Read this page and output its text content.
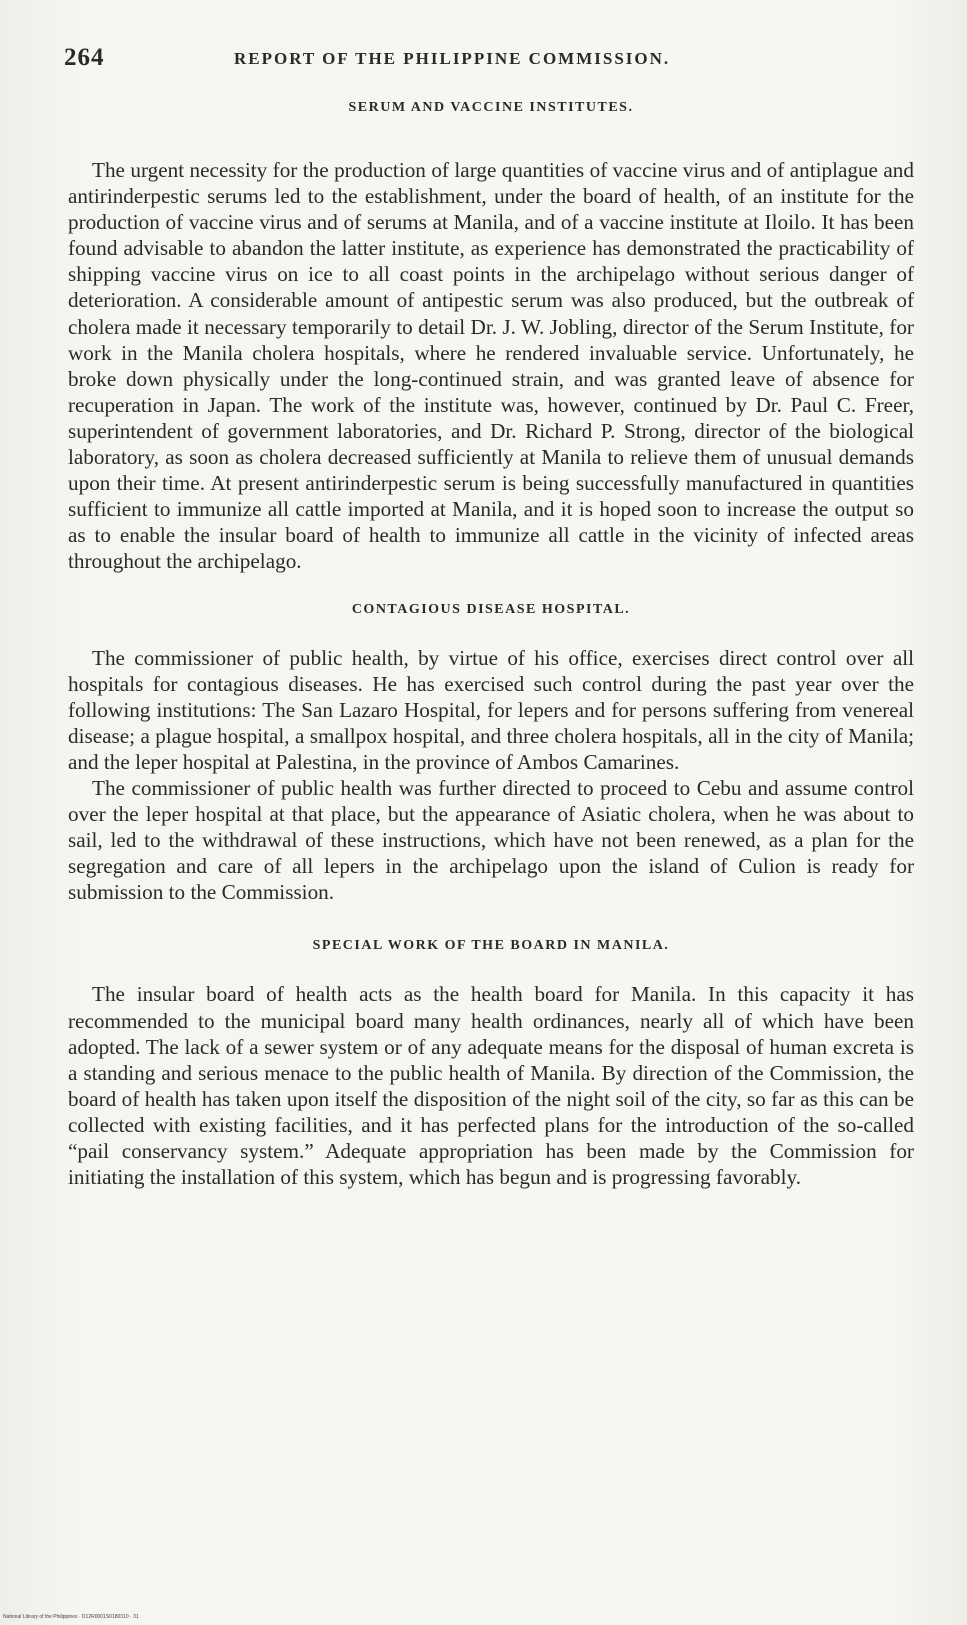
264	REPORT OF THE PHILIPPINE COMMISSION.
SERUM AND VACCINE INSTITUTES.

The urgent necessity for the production of large quantities of vaccine virus and of antiplague and antirinderpestic serums led to the establishment, under the board of health, of an institute for the production of vaccine virus and of serums at Manila, and of a vaccine institute at Iloilo. It has been found advisable to abandon the latter institute, as experience has demonstrated the practicability of shipping vaccine virus on ice to all coast points in the archipelago without serious danger of deterioration. A considerable amount of antipestic serum was also produced, but the outbreak of cholera made it necessary temporarily to detail Dr. J. W. Jobling, director of the Serum Institute, for work in the Manila cholera hospitals, where he rendered invaluable service. Unfortunately, he broke down physically under the long-continued strain, and was granted leave of absence for recuperation in Japan. The work of the institute was, however, continued by Dr. Paul C. Freer, superintendent of government laboratories, and Dr. Richard P. Strong, director of the biological laboratory, as soon as cholera decreased sufficiently at Manila to relieve them of unusual demands upon their time. At present antirinderpestic serum is being successfully manufactured in quantities sufficient to immunize all cattle imported at Manila, and it is hoped soon to increase the output so as to enable the insular board of health to immunize all cattle in the vicinity of infected areas throughout the archipelago.

CONTAGIOUS DISEASE HOSPITAL.

The commissioner of public health, by virtue of his office, exercises direct control over all hospitals for contagious diseases. He has exercised such control during the past year over the following institutions: The San Lazaro Hospital, for lepers and for persons suffering from venereal disease; a plague hospital, a smallpox hospital, and three cholera hospitals, all in the city of Manila; and the leper hospital at Palestina, in the province of Ambos Camarines.

The commissioner of public health was further directed to proceed to Cebu and assume control over the leper hospital at that place, but the appearance of Asiatic cholera, when he was about to sail, led to the withdrawal of these instructions, which have not been renewed, as a plan for the segregation and care of all lepers in the archipelago upon the island of Culion is ready for submission to the Commission.

SPECIAL WORK OF THE BOARD IN MANILA.

The insular board of health acts as the health board for Manila. In this capacity it has recommended to the municipal board many health ordinances, nearly all of which have been adopted. The lack of a sewer system or of any adequate means for the disposal of human excreta is a standing and serious menace to the public health of Manila. By direction of the Commission, the board of health has taken upon itself the disposition of the night soil of the city, so far as this can be collected with existing facilities, and it has perfected plans for the introduction of the so-called “pail conservancy system.” Adequate appropriation has been made by the Commission for initiating the installation of this system, which has begun and is progressing favorably.

National Library of the Philippines · D12R0001S0180310 · 31
